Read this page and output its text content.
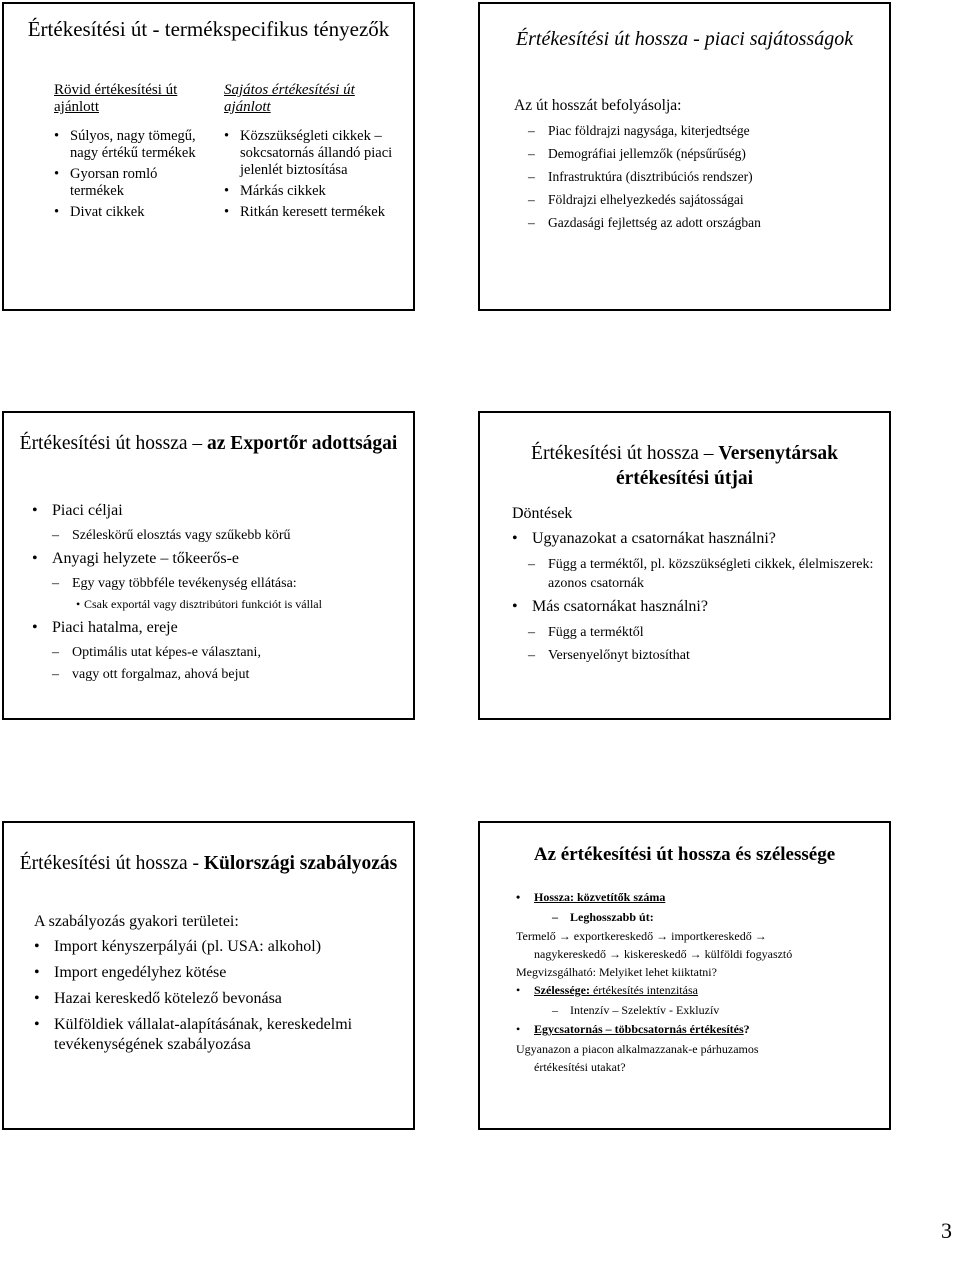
Értékesítési út - termékspecifikus tényezők
Rövid értékesítési út ajánlott
• Súlyos, nagy tömegű, nagy értékű termékek
• Gyorsan romló termékek
• Divat cikkek
Sajátos értékesítési út ajánlott
• Közszükségleti cikkek – sokcsatornás állandó piaci jelenlét biztosítása
• Márkás cikkek
• Ritkán keresett termékek
Értékesítési út hossza - piaci sajátosságok
Az út hosszát befolyásolja:
– Piac földrajzi nagysága, kiterjedtsége
– Demográfiai jellemzők (népsűrűség)
– Infrastruktúra (disztribúciós rendszer)
– Földrajzi elhelyezkedés sajátosságai
– Gazdasági fejlettség az adott országban
Értékesítési út hossza – az Exportőr adottságai
• Piaci céljai
– Széleskörű elosztás vagy szűkebb körű
• Anyagi helyzete – tőkeerős-e
– Egy vagy többféle tevékenység ellátása:
• Csak exportál vagy disztribútori funkciót is vállal
• Piaci hatalma, ereje
– Optimális utat képes-e választani,
– vagy ott forgalmaz, ahová bejut
Értékesítési út hossza – Versenytársak értékesítési útjai
Döntések
• Ugyanazokat a csatornákat használni?
– Függ a terméktől, pl. közszükségleti cikkek, élelmiszerek: azonos csatornák
• Más csatornákat használni?
– Függ a terméktől
– Versenyelőnyt biztosíthat
Értékesítési út hossza - Külországi szabályozás
A szabályozás gyakori területei:
• Import kényszerpályái (pl. USA: alkohol)
• Import engedélyhez kötése
• Hazai kereskedő kötelező bevonása
• Külföldiek vállalat-alapításának, kereskedelmi tevékenységének szabályozása
Az értékesítési út hossza és szélessége
• Hossza: közvetítők száma
– Leghosszabb út:
Termelő → exportkereskedő → importkereskedő →
nagykereskedő → kiskereskedő → külföldi fogyasztó
Megvizsgálható: Melyiket lehet kiiktatni?
• Szélessége: értékesítés intenzitása
– Intenzív – Szelektív - Exkluzív
• Egycsatornás – többcsatornás értékesítés?
Ugyanazon a piacon alkalmazzanak-e párhuzamos
értékesítési utakat?
3
